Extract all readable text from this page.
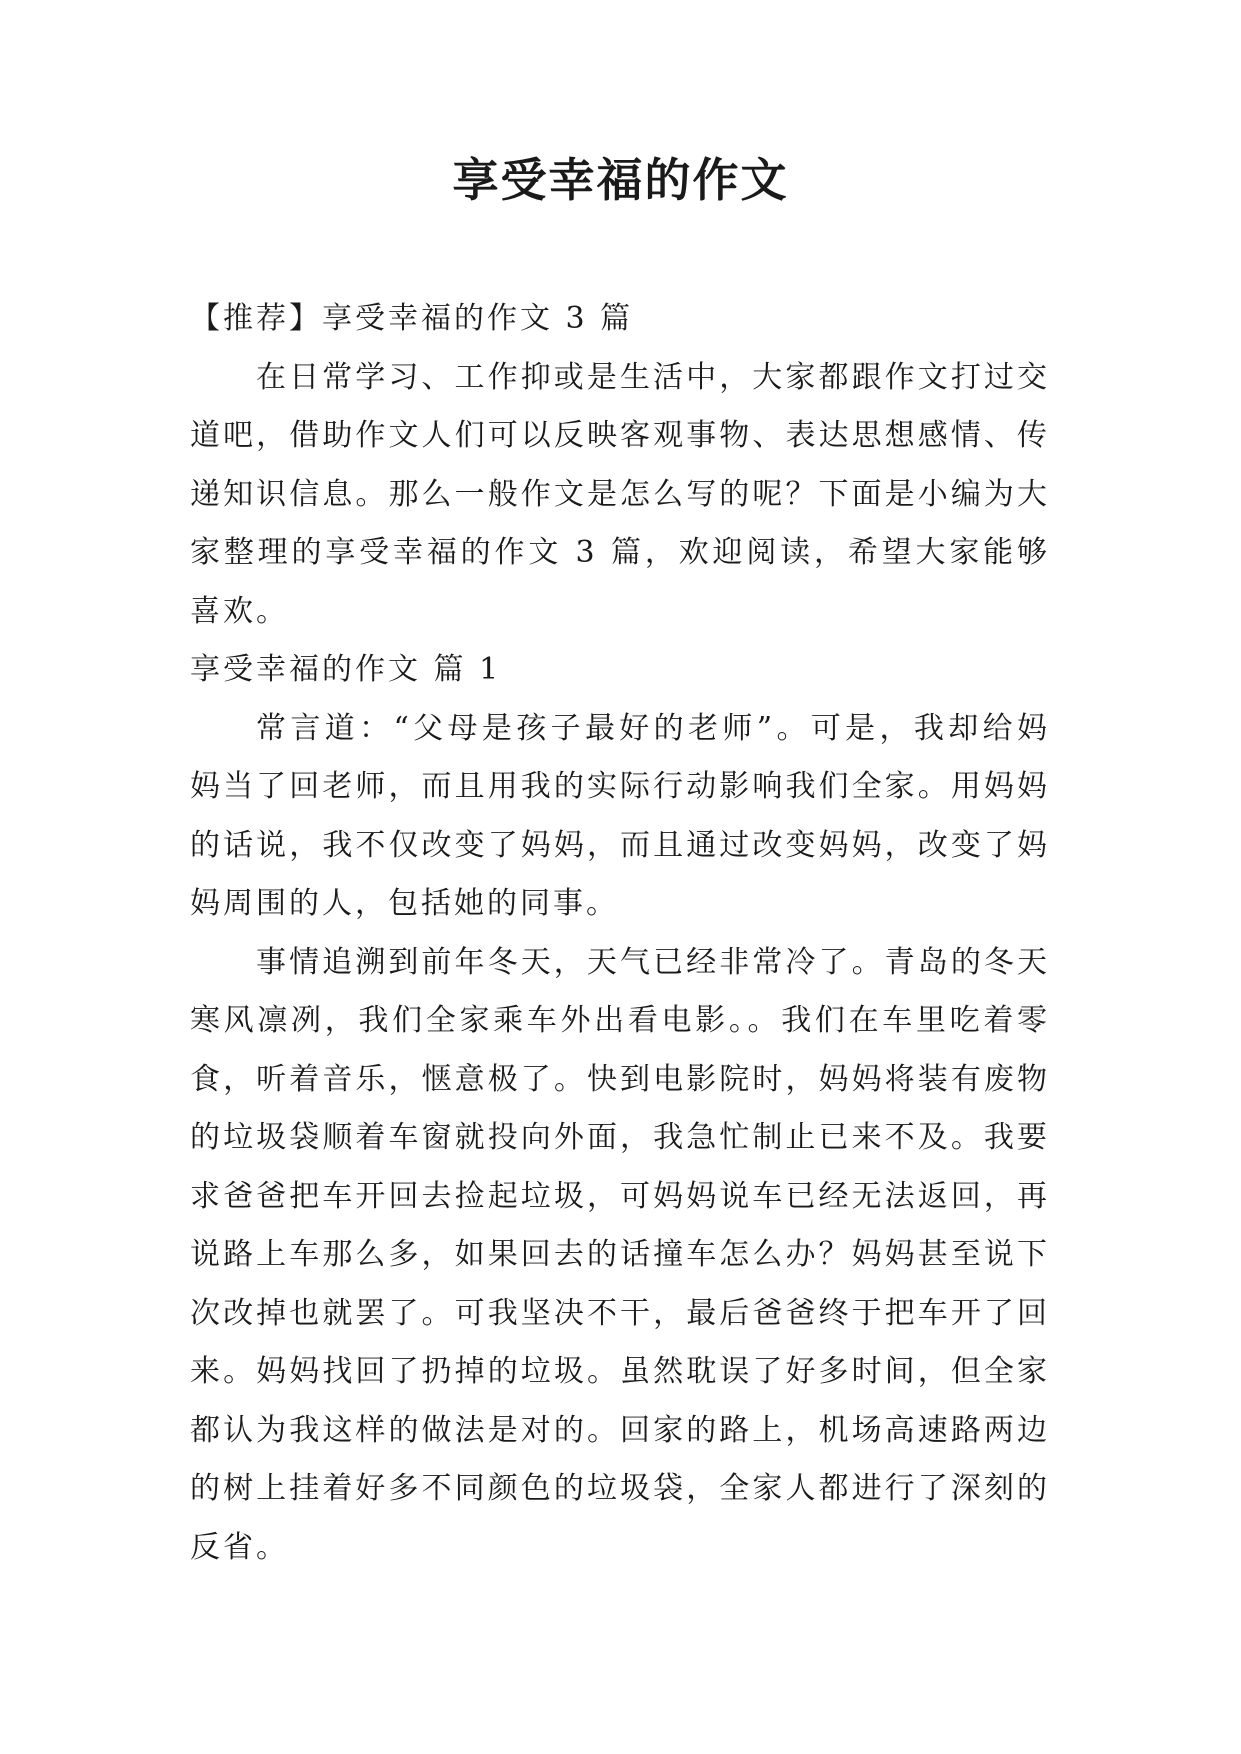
享受幸福的作文

【推荐】享受幸福的作文 3 篇

在日常学习、工作抑或是生活中，大家都跟作文打过交道吧，借助作文人们可以反映客观事物、表达思想感情、传递知识信息。那么一般作文是怎么写的呢？下面是小编为大家整理的享受幸福的作文 3 篇，欢迎阅读，希望大家能够喜欢。

享受幸福的作文 篇 1

常言道：“父母是孩子最好的老师”。可是，我却给妈妈当了回老师，而且用我的实际行动影响我们全家。用妈妈的话说，我不仅改变了妈妈，而且通过改变妈妈，改变了妈妈周围的人，包括她的同事。

事情追溯到前年冬天，天气已经非常冷了。青岛的冬天寒风凛冽，我们全家乘车外出看电影。。我们在车里吃着零食，听着音乐，惬意极了。快到电影院时，妈妈将装有废物的垃圾袋顺着车窗就投向外面，我急忙制止已来不及。我要求爸爸把车开回去捡起垃圾，可妈妈说车已经无法返回，再说路上车那么多，如果回去的话撞车怎么办？妈妈甚至说下次改掉也就罢了。可我坚决不干，最后爸爸终于把车开了回来。妈妈找回了扔掉的垃圾。虽然耽误了好多时间，但全家都认为我这样的做法是对的。回家的路上，机场高速路两边的树上挂着好多不同颜色的垃圾袋，全家人都进行了深刻的反省。
